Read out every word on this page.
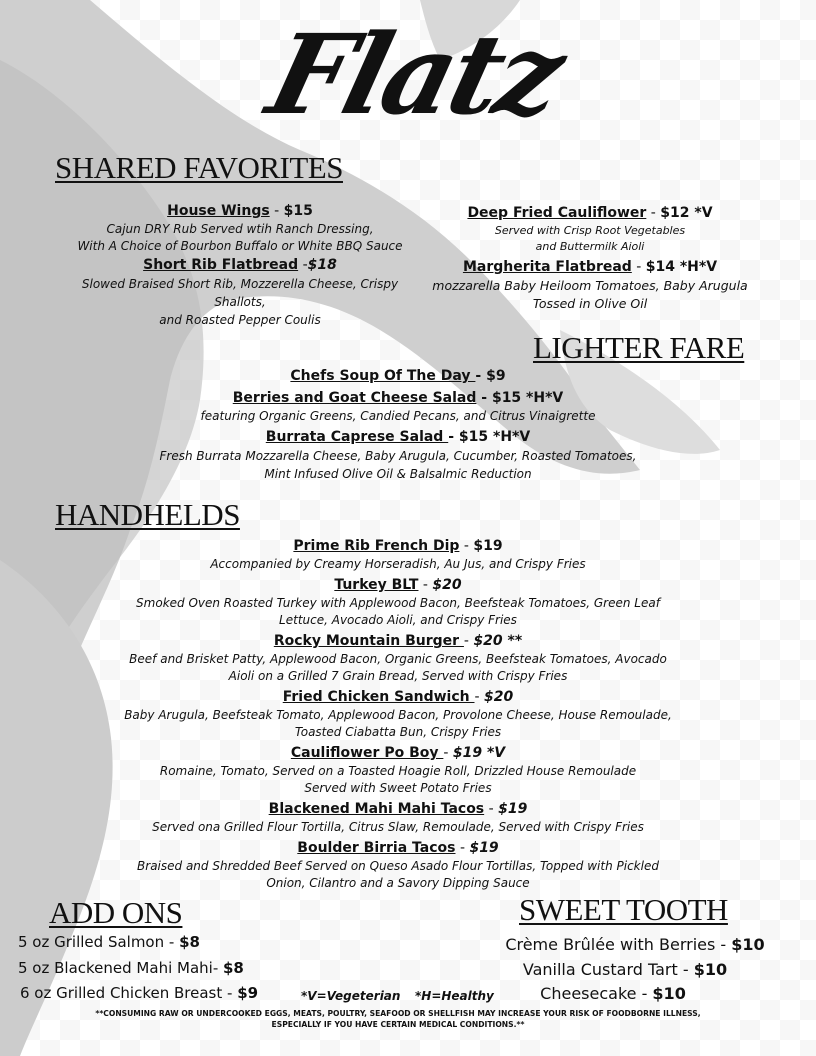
Flatz
SHARED FAVORITES
House Wings - $15
Cajun DRY Rub Served wtih Ranch Dressing,
With A Choice of Bourbon Buffalo or White BBQ Sauce
Short Rib Flatbread -$18
Slowed Braised Short Rib, Mozzerella Cheese, Crispy
Shallots,
and Roasted Pepper Coulis
Deep Fried Cauliflower - $12 *V
Served with Crisp Root Vegetables
and Buttermilk Aioli
Margherita Flatbread - $14 *H*V
mozzarella Baby Heiloom Tomatoes, Baby Arugula
Tossed in Olive Oil
LIGHTER FARE
Chefs Soup Of The Day - $9
Berries and Goat Cheese Salad - $15 *H*V
featuring Organic Greens, Candied Pecans, and Citrus Vinaigrette
Burrata Caprese Salad - $15 *H*V
Fresh Burrata Mozzarella Cheese, Baby Arugula, Cucumber, Roasted Tomatoes,
Mint Infused Olive Oil & Balsalmic Reduction
HANDHELDS
Prime Rib French Dip - $19
Accompanied by Creamy Horseradish, Au Jus, and Crispy Fries
Turkey BLT - $20
Smoked Oven Roasted Turkey with Applewood Bacon, Beefsteak Tomatoes, Green Leaf
Lettuce, Avocado Aioli, and Crispy Fries
Rocky Mountain Burger - $20 **
Beef and Brisket Patty, Applewood Bacon, Organic Greens, Beefsteak Tomatoes, Avocado
Aioli on a Grilled 7 Grain Bread, Served with Crispy Fries
Fried Chicken Sandwich - $20
Baby Arugula, Beefsteak Tomato, Applewood Bacon, Provolone Cheese, House Remoulade,
Toasted Ciabatta Bun, Crispy Fries
Cauliflower Po Boy - $19 *V
Romaine, Tomato, Served on a Toasted Hoagie Roll, Drizzled House Remoulade
Served with Sweet Potato Fries
Blackened Mahi Mahi Tacos - $19
Served ona Grilled Flour Tortilla, Citrus Slaw, Remoulade, Served with Crispy Fries
Boulder Birria Tacos - $19
Braised and Shredded Beef Served on Queso Asado Flour Tortillas, Topped with Pickled
Onion, Cilantro and a Savory Dipping Sauce
ADD ONS
5 oz Grilled Salmon - $8
5 oz Blackened Mahi Mahi- $8
6 oz Grilled Chicken Breast - $9	*V=Vegeterian *H=Healthy
SWEET TOOTH
Crème Brûlée with Berries - $10
Vanilla Custard Tart - $10
Cheesecake - $10
**CONSUMING RAW OR UNDERCOOKED EGGS, MEATS, POULTRY, SEAFOOD OR SHELLFISH MAY INCREASE YOUR RISK OF FOODBORNE ILLNESS,
ESPECIALLY IF YOU HAVE CERTAIN MEDICAL CONDITIONS.**
